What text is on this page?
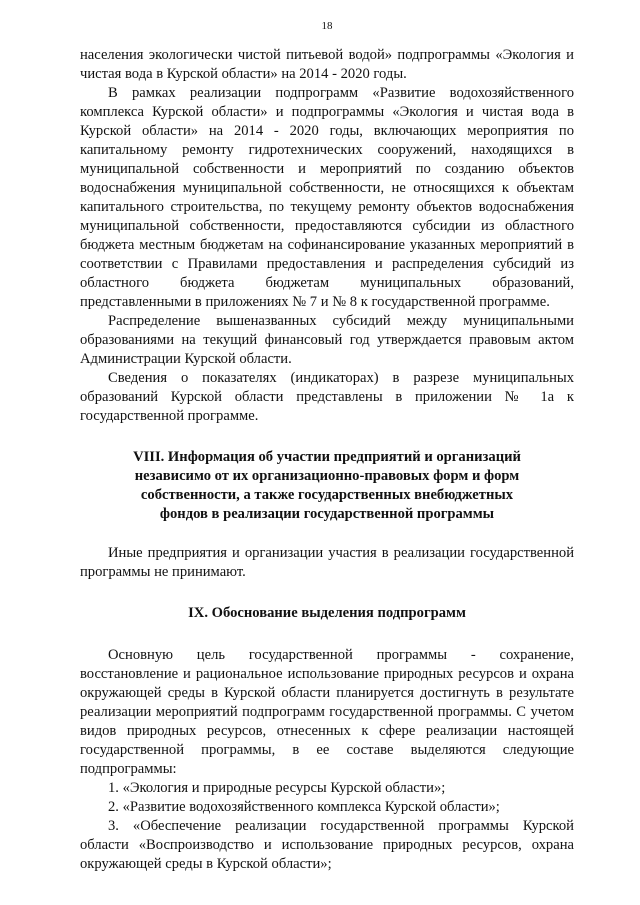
18

населения экологически чистой питьевой водой» подпрограммы «Экология и чистая вода в Курской области» на 2014 - 2020 годы.

В рамках реализации подпрограмм «Развитие водохозяйственного комплекса Курской области» и подпрограммы «Экология и чистая вода в Курской области» на 2014 - 2020 годы, включающих мероприятия по капитальному ремонту гидротехнических сооружений, находящихся в муниципальной собственности и мероприятий по созданию объектов водоснабжения муниципальной собственности, не относящихся к объектам капитального строительства, по текущему ремонту объектов водоснабжения муниципальной собственности, предоставляются субсидии из областного бюджета местным бюджетам на софинансирование указанных мероприятий в соответствии с Правилами предоставления и распределения субсидий из областного бюджета бюджетам муниципальных образований, представленными в приложениях № 7 и № 8 к государственной программе.

Распределение вышеназванных субсидий между муниципальными образованиями на текущий финансовый год утверждается правовым актом Администрации Курской области.

Сведения о показателях (индикаторах) в разрезе муниципальных образований Курской области представлены в приложении № 1а к государственной программе.

VIII. Информация об участии предприятий и организаций
независимо от их организационно-правовых форм и форм
собственности, а также государственных внебюджетных
фондов в реализации государственной программы

Иные предприятия и организации участия в реализации государственной программы не принимают.

IX. Обоснование выделения подпрограмм

Основную цель государственной программы - сохранение, восстановление и рациональное использование природных ресурсов и охрана окружающей среды в Курской области планируется достигнуть в результате реализации мероприятий подпрограмм государственной программы. С учетом видов природных ресурсов, отнесенных к сфере реализации настоящей государственной программы, в ее составе выделяются следующие подпрограммы:

1. «Экология и природные ресурсы Курской области»;

2. «Развитие водохозяйственного комплекса Курской области»;

3. «Обеспечение реализации государственной программы Курской области «Воспроизводство и использование природных ресурсов, охрана окружающей среды в Курской области»;
